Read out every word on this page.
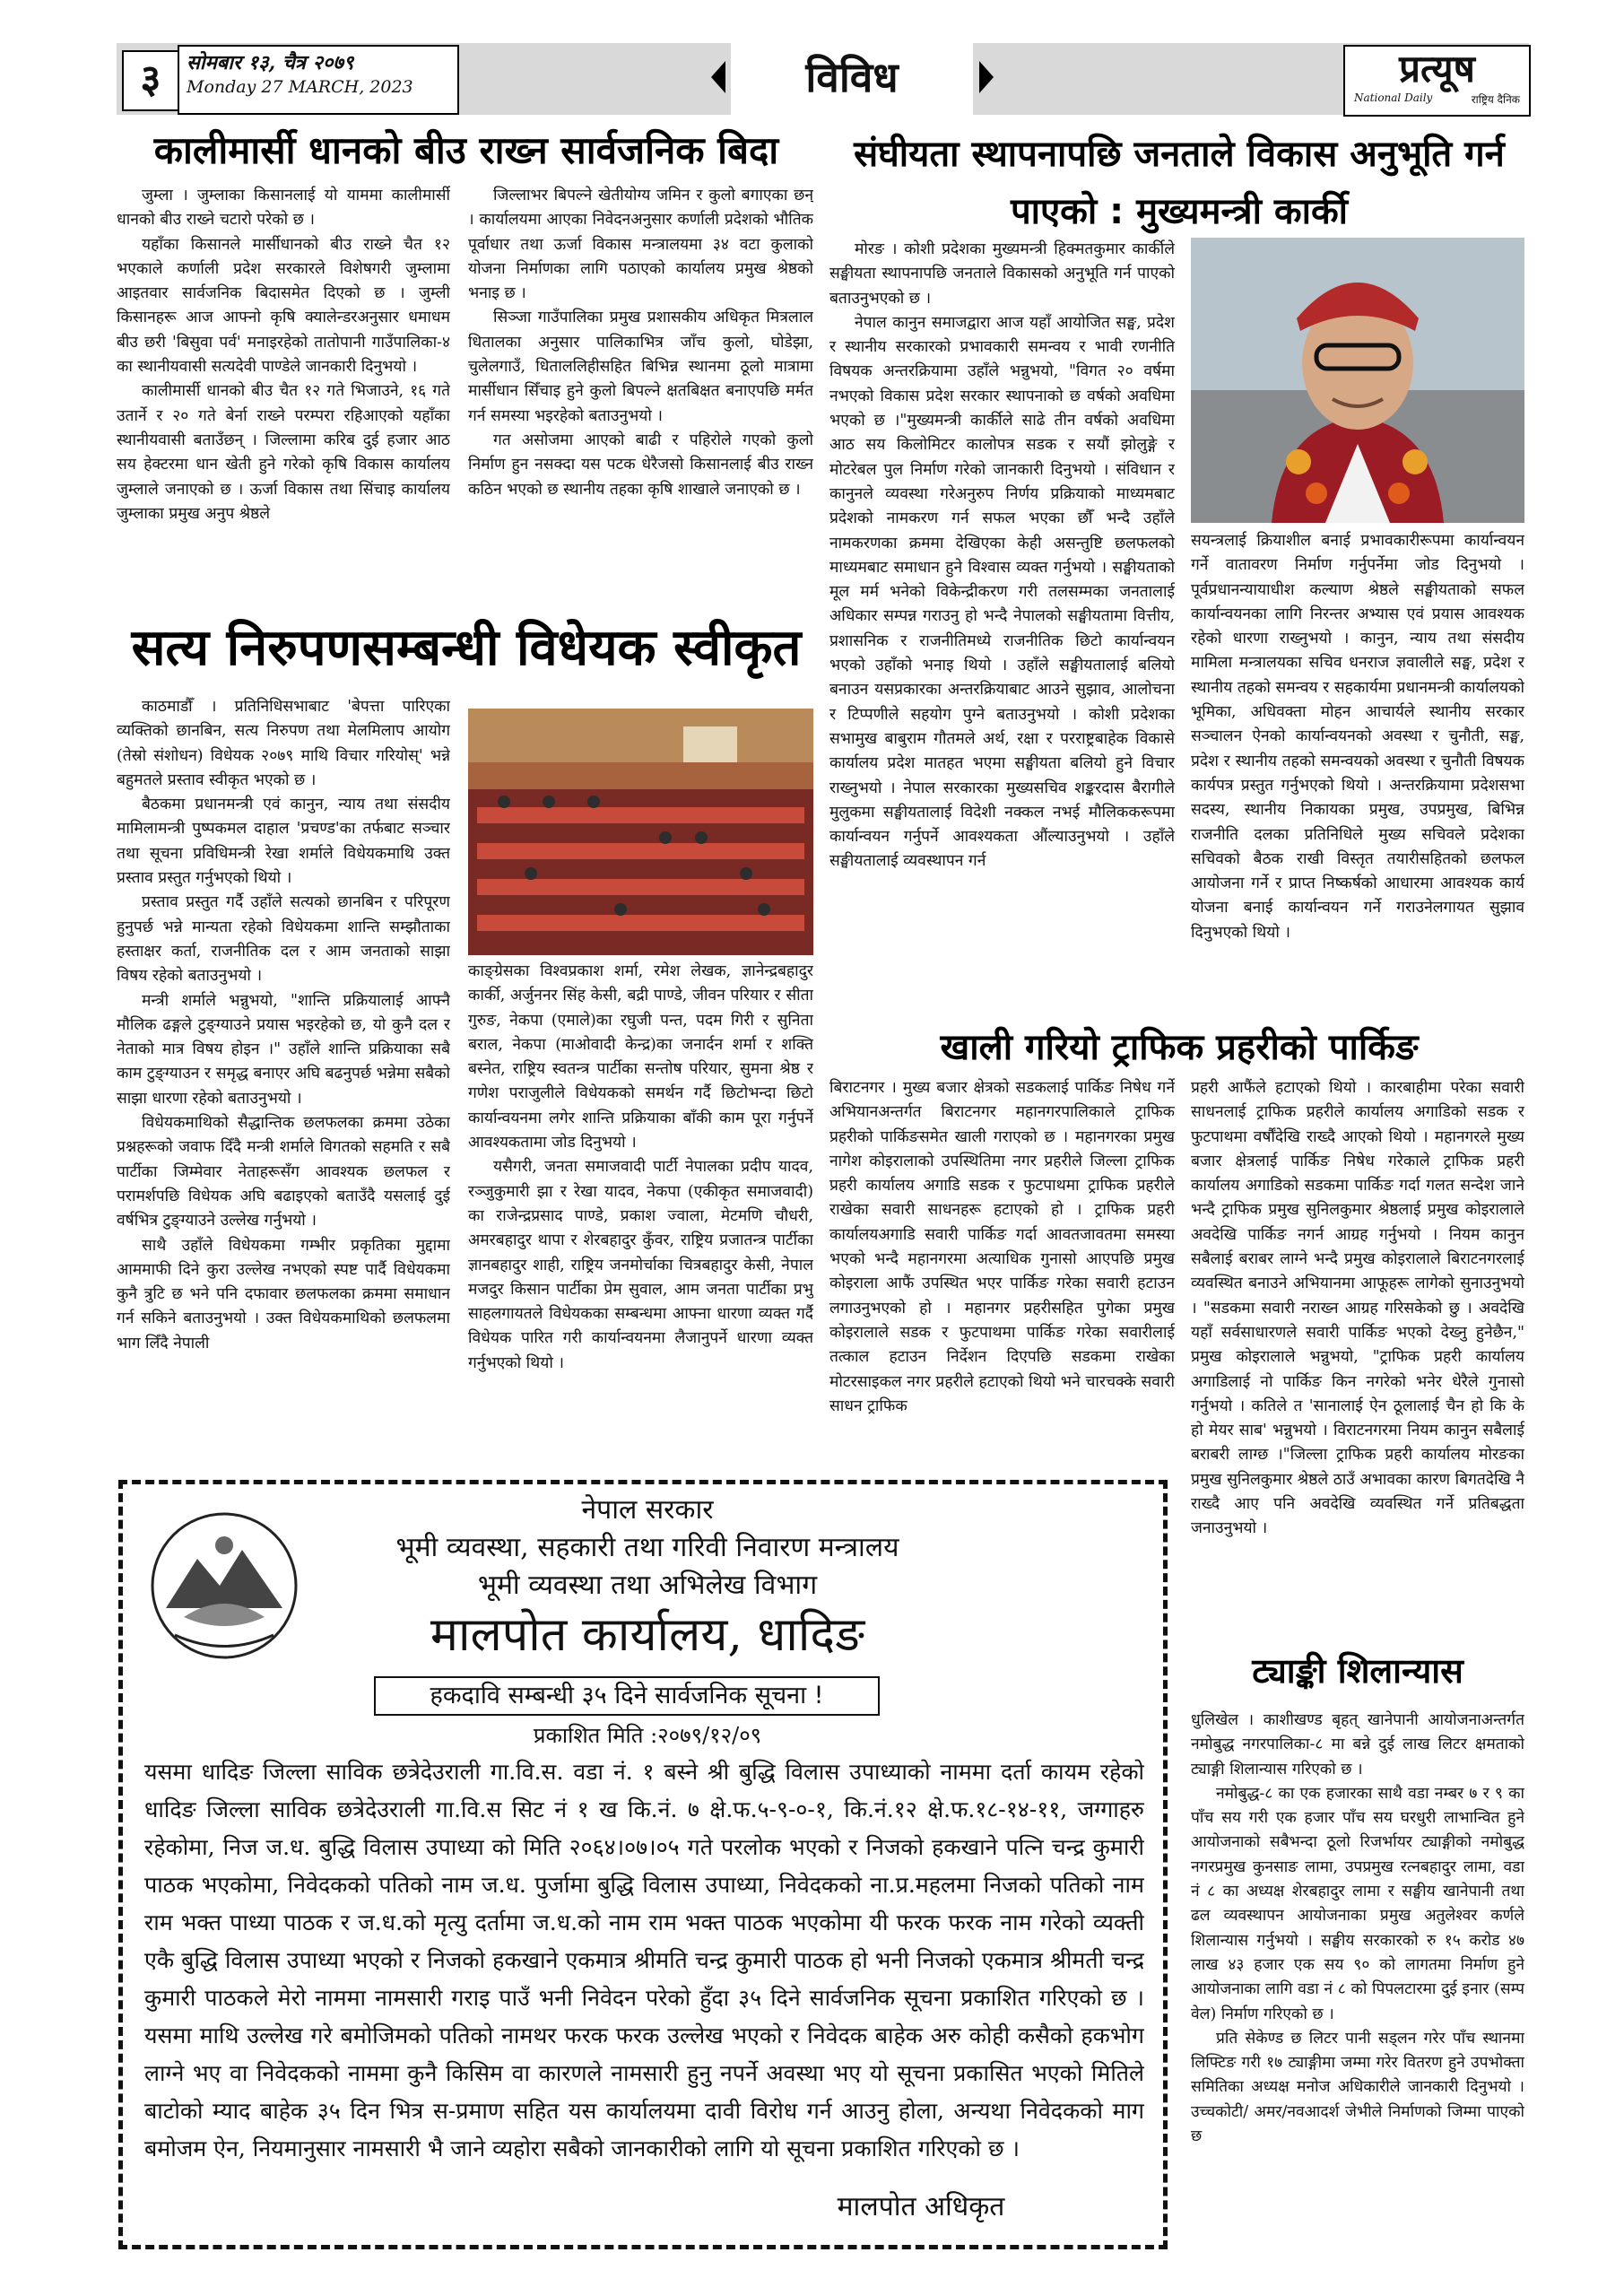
३	सोमबार १३, चैत्र २०७९
Monday 27 MARCH, 2023	विविध	प्रत्यूष
National Daily	राष्ट्रिय दैनिक
कालीमार्सी धानको बीउ राख्न सार्वजनिक बिदा

जुम्ला । जुम्लाका किसानलाई यो याममा कालीमार्सी धानको बीउ राख्ने चटारो परेको छ ।

यहाँका किसानले मार्सीधानको बीउ राख्ने चैत १२ भएकाले कर्णाली प्रदेश सरकारले विशेषगरी जुम्लामा आइतवार सार्वजनिक बिदासमेत दिएको छ । जुम्ली किसानहरू आज आफ्नो कृषि क्यालेन्डरअनुसार धमाधम बीउ छरी 'बिसुवा पर्व' मनाइरहेको तातोपानी गाउँपालिका-४ का स्थानीयवासी सत्यदेवी पाण्डेले जानकारी दिनुभयो ।

कालीमार्सी धानको बीउ चैत १२ गते भिजाउने, १६ गते उतार्ने र २० गते बेर्ना राख्ने परम्परा रहिआएको यहाँका स्थानीयवासी बताउँछन् । जिल्लामा करिब दुई हजार आठ सय हेक्टरमा धान खेती हुने गरेको कृषि विकास कार्यालय जुम्लाले जनाएको छ । ऊर्जा विकास तथा सिंचाइ कार्यालय जुम्लाका प्रमुख अनुप श्रेष्ठले

जिल्लाभर बिपल्ने खेतीयोग्य जमिन र कुलो बगाएका छन् । कार्यालयमा आएका निवेदनअनुसार कर्णाली प्रदेशको भौतिक पूर्वाधार तथा ऊर्जा विकास मन्त्रालयमा ३४ वटा कुलाको योजना निर्माणका लागि पठाएको कार्यालय प्रमुख श्रेष्ठको भनाइ छ ।

सिञ्जा गाउँपालिका प्रमुख प्रशासकीय अधिकृत मित्रलाल धितालका अनुसार पालिकाभित्र जाँच कुलो, घोडेझा, चुलेलगाउँ, धिताललिहीसहित बिभिन्न स्थानमा ठूलो मात्रामा मार्सीधान सिँचाइ हुने कुलो बिपल्ने क्षतबिक्षत बनाएपछि मर्मत गर्न समस्या भइरहेको बताउनुभयो ।

गत असोजमा आएको बाढी र पहिरोले गएको कुलो निर्माण हुन नसक्दा यस पटक धेरैजसो किसानलाई बीउ राख्न कठिन भएको छ स्थानीय तहका कृषि शाखाले जनाएको छ ।

संघीयता स्थापनापछि जनताले विकास अनुभूति गर्न पाएको : मुख्यमन्त्री कार्की

मोरङ । कोशी प्रदेशका मुख्यमन्त्री हिक्मतकुमार कार्कीले सङ्घीयता स्थापनापछि जनताले विकासको अनुभूति गर्न पाएको बताउनुभएको छ ।

नेपाल कानुन समाजद्वारा आज यहाँ आयोजित सङ्घ, प्रदेश र स्थानीय सरकारको प्रभावकारी समन्वय र भावी रणनीति विषयक अन्तरक्रियामा उहाँले भन्नुभयो, "विगत २० वर्षमा नभएको विकास प्रदेश सरकार स्थापनाको छ वर्षको अवधिमा भएको छ ।"मुख्यमन्त्री कार्कीले साढे तीन वर्षको अवधिमा आठ सय किलोमिटर कालोपत्र सडक र सयौं झोलुङ्गे र मोटरेबल पुल निर्माण गरेको जानकारी दिनुभयो । संविधान र कानुनले व्यवस्था गरेअनुरुप निर्णय प्रक्रियाको माध्यमबाट प्रदेशको नामकरण गर्न सफल भएका छौँ भन्दै उहाँले नामकरणका क्रममा देखिएका केही असन्तुष्टि छलफलको माध्यमबाट समाधान हुने विश्वास व्यक्त गर्नुभयो । सङ्घीयताको मूल मर्म भनेको विकेन्द्रीकरण गरी तलसम्मका जनतालाई अधिकार सम्पन्न गराउनु हो भन्दै नेपालको सङ्घीयतामा वित्तीय, प्रशासनिक र राजनीतिमध्ये राजनीतिक छिटो कार्यान्वयन भएको उहाँको भनाइ थियो । उहाँले सङ्घीयतालाई बलियो बनाउन यसप्रकारका अन्तरक्रियाबाट आउने सुझाव, आलोचना र टिप्पणीले सहयोग पुग्ने बताउनुभयो । कोशी प्रदेशका सभामुख बाबुराम गौतमले अर्थ, रक्षा र परराष्ट्रबाहेक विकासे कार्यालय प्रदेश मातहत भएमा सङ्घीयता बलियो हुने विचार राख्नुभयो । नेपाल सरकारका मुख्यसचिव शङ्करदास बैरागीले मुलुकमा सङ्घीयतालाई विदेशी नक्कल नभई मौलिककरूपमा कार्यान्वयन गर्नुपर्ने आवश्यकता औंल्याउनुभयो । उहाँले सङ्घीयतालाई व्यवस्थापन गर्न

सयन्त्रलाई क्रियाशील बनाई प्रभावकारीरूपमा कार्यान्वयन गर्ने वातावरण निर्माण गर्नुपर्नेमा जोड दिनुभयो । पूर्वप्रधानन्यायाधीश कल्याण श्रेष्ठले सङ्घीयताको सफल कार्यान्वयनका लागि निरन्तर अभ्यास एवं प्रयास आवश्यक रहेको धारणा राख्नुभयो । कानुन, न्याय तथा संसदीय मामिला मन्त्रालयका सचिव धनराज ज्ञवालीले सङ्घ, प्रदेश र स्थानीय तहको समन्वय र सहकार्यमा प्रधानमन्त्री कार्यालयको भूमिका, अधिवक्ता मोहन आचार्यले स्थानीय सरकार सञ्चालन ऐनको कार्यान्वयनको अवस्था र चुनौती, सङ्घ, प्रदेश र स्थानीय तहको समन्वयको अवस्था र चुनौती विषयक कार्यपत्र प्रस्तुत गर्नुभएको थियो । अन्तरक्रियामा प्रदेशसभा सदस्य, स्थानीय निकायका प्रमुख, उपप्रमुख, बिभिन्न राजनीति दलका प्रतिनिधिले मुख्य सचिवले प्रदेशका सचिवको बैठक राखी विस्तृत तयारीसहितको छलफल आयोजना गर्ने र प्राप्त निष्कर्षको आधारमा आवश्यक कार्य योजना बनाई कार्यान्वयन गर्ने गराउनेलगायत सुझाव दिनुभएको थियो ।

सत्य निरुपणसम्बन्धी विधेयक स्वीकृत

काठमाडौँ । प्रतिनिधिसभाबाट 'बेपत्ता पारिएका व्यक्तिको छानबिन, सत्य निरुपण तथा मेलमिलाप आयोग (तेस्रो संशोधन) विधेयक २०७९ माथि विचार गरियोस्' भन्ने बहुमतले प्रस्ताव स्वीकृत भएको छ ।

बैठकमा प्रधानमन्त्री एवं कानुन, न्याय तथा संसदीय मामिलामन्त्री पुष्पकमल दाहाल 'प्रचण्ड'का तर्फबाट सञ्चार तथा सूचना प्रविधिमन्त्री रेखा शर्माले विधेयकमाथि उक्त प्रस्ताव प्रस्तुत गर्नुभएको थियो ।

प्रस्ताव प्रस्तुत गर्दै उहाँले सत्यको छानबिन र परिपूरण हुनुपर्छ भन्ने मान्यता रहेको विधेयकमा शान्ति सम्झौताका हस्ताक्षर कर्ता, राजनीतिक दल र आम जनताको साझा विषय रहेको बताउनुभयो ।

मन्त्री शर्माले भन्नुभयो, "शान्ति प्रक्रियालाई आफ्नै मौलिक ढङ्गले टुङ्ग्याउने प्रयास भइरहेको छ, यो कुनै दल र नेताको मात्र विषय होइन ।" उहाँले शान्ति प्रक्रियाका सबै काम टुङ्ग्याउन र समृद्ध बनाएर अघि बढनुपर्छ भन्नेमा सबैको साझा धारणा रहेको बताउनुभयो ।

विधेयकमाथिको सैद्धान्तिक छलफलका क्रममा उठेका प्रश्नहरूको जवाफ दिँदै मन्त्री शर्माले विगतको सहमति र सबै पार्टीका जिम्मेवार नेताहरूसँग आवश्यक छलफल र परामर्शपछि विधेयक अघि बढाइएको बताउँदै यसलाई दुई वर्षभित्र टुङ्ग्याउने उल्लेख गर्नुभयो ।

साथै उहाँले विधेयकमा गम्भीर प्रकृतिका मुद्दामा आममाफी दिने कुरा उल्लेख नभएको स्पष्ट पार्दै विधेयकमा कुनै त्रुटि छ भने पनि दफावार छलफलका क्रममा समाधान गर्न सकिने बताउनुभयो । उक्त विधेयकमाथिको छलफलमा भाग लिँदै नेपाली

काङ्ग्रेसका विश्वप्रकाश शर्मा, रमेश लेखक, ज्ञानेन्द्रबहादुर कार्की, अर्जुननर सिंह केसी, बद्री पाण्डे, जीवन परियार र सीता गुरुङ, नेकपा (एमाले)का रघुजी पन्त, पदम गिरी र सुनिता बराल, नेकपा (माओवादी केन्द्र)का जनार्दन शर्मा र शक्ति बस्नेत, राष्ट्रिय स्वतन्त्र पार्टीका सन्तोष परियार, सुमना श्रेष्ठ र गणेश पराजुलीले विधेयकको समर्थन गर्दै छिटोभन्दा छिटो कार्यान्वयनमा लगेर शान्ति प्रक्रियाका बाँकी काम पूरा गर्नुपर्ने आवश्यकतामा जोड दिनुभयो ।

यसैगरी, जनता समाजवादी पार्टी नेपालका प्रदीप यादव, रञ्जुकुमारी झा र रेखा यादव, नेकपा (एकीकृत समाजवादी) का राजेन्द्रप्रसाद पाण्डे, प्रकाश ज्वाला, मेटमणि चौधरी, अमरबहादुर थापा र शेरबहादुर कुँवर, राष्ट्रिय प्रजातन्त्र पार्टीका ज्ञानबहादुर शाही, राष्ट्रिय जनमोर्चाका चित्रबहादुर केसी, नेपाल मजदुर किसान पार्टीका प्रेम सुवाल, आम जनता पार्टीका प्रभु साहलगायतले विधेयकका सम्बन्धमा आफ्ना धारणा व्यक्त गर्दै विधेयक पारित गरी कार्यान्वयनमा लैजानुपर्ने धारणा व्यक्त गर्नुभएको थियो ।

खाली गरियो ट्राफिक प्रहरीको पार्किङ

बिराटनगर । मुख्य बजार क्षेत्रको सडकलाई पार्किङ निषेध गर्ने अभियानअन्तर्गत बिराटनगर महानगरपालिकाले ट्राफिक प्रहरीको पार्किङसमेत खाली गराएको छ । महानगरका प्रमुख नागेश कोइरालाको उपस्थितिमा नगर प्रहरीले जिल्ला ट्राफिक प्रहरी कार्यालय अगाडि सडक र फुटपाथमा ट्राफिक प्रहरीले राखेका सवारी साधनहरू हटाएको हो । ट्राफिक प्रहरी कार्यालयअगाडि सवारी पार्किङ गर्दा आवतजावतमा समस्या भएको भन्दै महानगरमा अत्याधिक गुनासो आएपछि प्रमुख कोइराला आफैं उपस्थित भएर पार्किङ गरेका सवारी हटाउन लगाउनुभएको हो । महानगर प्रहरीसहित पुगेका प्रमुख कोइरालाले सडक र फुटपाथमा पार्किङ गरेका सवारीलाई तत्काल हटाउन निर्देशन दिएपछि सडकमा राखेका मोटरसाइकल नगर प्रहरीले हटाएको थियो भने चारचक्के सवारी साधन ट्राफिक

प्रहरी आफैंले हटाएको थियो । कारबाहीमा परेका सवारी साधनलाई ट्राफिक प्रहरीले कार्यालय अगाडिको सडक र फुटपाथमा वर्षौंदेखि राख्दै आएको थियो । महानगरले मुख्य बजार क्षेत्रलाई पार्किङ निषेध गरेकाले ट्राफिक प्रहरी कार्यालय अगाडिको सडकमा पार्किङ गर्दा गलत सन्देश जाने भन्दै ट्राफिक प्रमुख सुनिलकुमार श्रेष्ठलाई प्रमुख कोइरालाले अवदेखि पार्किङ नगर्न आग्रह गर्नुभयो । नियम कानुन सबैलाई बराबर लाग्ने भन्दै प्रमुख कोइरालाले बिराटनगरलाई व्यवस्थित बनाउने अभियानमा आफूहरू लागेको सुनाउनुभयो । "सडकमा सवारी नराख्न आग्रह गरिसकेको छु । अवदेखि यहाँ सर्वसाधारणले सवारी पार्किङ भएको देख्नु हुनेछैन," प्रमुख कोइरालाले भन्नुभयो, "ट्राफिक प्रहरी कार्यालय अगाडिलाई नो पार्किङ किन नगरेको भनेर धेरैले गुनासो गर्नुभयो । कतिले त 'सानालाई ऐन ठूलालाई चैन हो कि के हो मेयर साब' भन्नुभयो । विराटनगरमा नियम कानुन सबैलाई बराबरी लाग्छ ।"जिल्ला ट्राफिक प्रहरी कार्यालय मोरङका प्रमुख सुनिलकुमार श्रेष्ठले ठाउँ अभावका कारण बिगतदेखि नै राख्दै आए पनि अवदेखि व्यवस्थित गर्ने प्रतिबद्धता जनाउनुभयो ।

ट्याङ्की शिलान्यास

धुलिखेल । काशीखण्ड बृहत् खानेपानी आयोजनाअन्तर्गत नमोबुद्ध नगरपालिका-८ मा बन्ने दुई लाख लिटर क्षमताको ट्याङ्गी शिलान्यास गरिएको छ ।

नमोबुद्ध-८ का एक हजारका साथै वडा नम्बर ७ र ९ का पाँच सय गरी एक हजार पाँच सय घरधुरी लाभान्वित हुने आयोजनाको सबैभन्दा ठूलो रिजर्भायर ट्याङ्गीको नमोबुद्ध नगरप्रमुख कुनसाङ लामा, उपप्रमुख रत्नबहादुर लामा, वडा नं ८ का अध्यक्ष शेरबहादुर लामा र सङ्घीय खानेपानी तथा ढल व्यवस्थापन आयोजनाका प्रमुख अतुलेश्वर कर्णले शिलान्यास गर्नुभयो । सङ्घीय सरकारको रु १५ करोड ४७ लाख ४३ हजार एक सय ९० को लागतमा निर्माण हुने आयोजनाका लागि वडा नं ८ को पिपलटारमा दुई इनार (सम्प वेल) निर्माण गरिएको छ ।

प्रति सेकेण्ड छ लिटर पानी सड्लन गरेर पाँच स्थानमा लिफ्टिङ गरी १७ ट्याङ्गीमा जम्मा गरेर वितरण हुने उपभोक्ता समितिका अध्यक्ष मनोज अधिकारीले जानकारी दिनुभयो । उच्चकोटी/ अमर/नवआदर्श जेभीले निर्माणको जिम्मा पाएको छ

नेपाल सरकार
भूमी व्यवस्था, सहकारी तथा गरिवी निवारण मन्त्रालय
भूमी व्यवस्था तथा अभिलेख विभाग
मालपोत कार्यालय, धादिङ
हकदावि सम्बन्धी ३५ दिने सार्वजनिक सूचना !
प्रकाशित मिति :२०७९/१२/०९

यसमा धादिङ जिल्ला साविक छत्रेदेउराली गा.वि.स. वडा नं. १ बस्ने श्री बुद्धि विलास उपाध्याको नाममा दर्ता कायम रहेको धादिङ जिल्ला साविक छत्रेदेउराली गा.वि.स सिट नं १ ख कि.नं. ७ क्षे.फ.५-९-०-१, कि.नं.१२ क्षे.फ.१८-१४-११, जग्गाहरु रहेकोमा, निज ज.ध. बुद्धि विलास उपाध्या को मिति २०६४।०७।०५ गते परलोक भएको र निजको हकखाने पत्नि चन्द्र कुमारी पाठक भएकोमा, निवेदकको पतिको नाम ज.ध. पुर्जामा बुद्धि विलास उपाध्या, निवेदकको ना.प्र.महलमा निजको पतिको नाम राम भक्त पाध्या पाठक र ज.ध.को मृत्यु दर्तामा ज.ध.को नाम राम भक्त पाठक भएकोमा यी फरक फरक नाम गरेको व्यक्ती एकै बुद्धि विलास उपाध्या भएको र निजको हकखाने एकमात्र श्रीमति चन्द्र कुमारी पाठक हो भनी निजको एकमात्र श्रीमती चन्द्र कुमारी पाठकले मेरो नाममा नामसारी गराइ पाउँ भनी निवेदन परेको हुँदा ३५ दिने सार्वजनिक सूचना प्रकाशित गरिएको छ । यसमा माथि उल्लेख गरे बमोजिमको पतिको नामथर फरक फरक उल्लेख भएको र निवेदक बाहेक अरु कोही कसैको हकभोग लाग्ने भए वा निवेदकको नाममा कुनै किसिम वा कारणले नामसारी हुनु नपर्ने अवस्था भए यो सूचना प्रकासित भएको मितिले बाटोको म्याद बाहेक ३५ दिन भित्र स-प्रमाण सहित यस कार्यालयमा दावी विरोध गर्न आउनु होला, अन्यथा निवेदकको माग बमोजम ऐन, नियमानुसार नामसारी भै जाने व्यहोरा सबैको जानकारीको लागि यो सूचना प्रकाशित गरिएको छ ।

मालपोत अधिकृत
